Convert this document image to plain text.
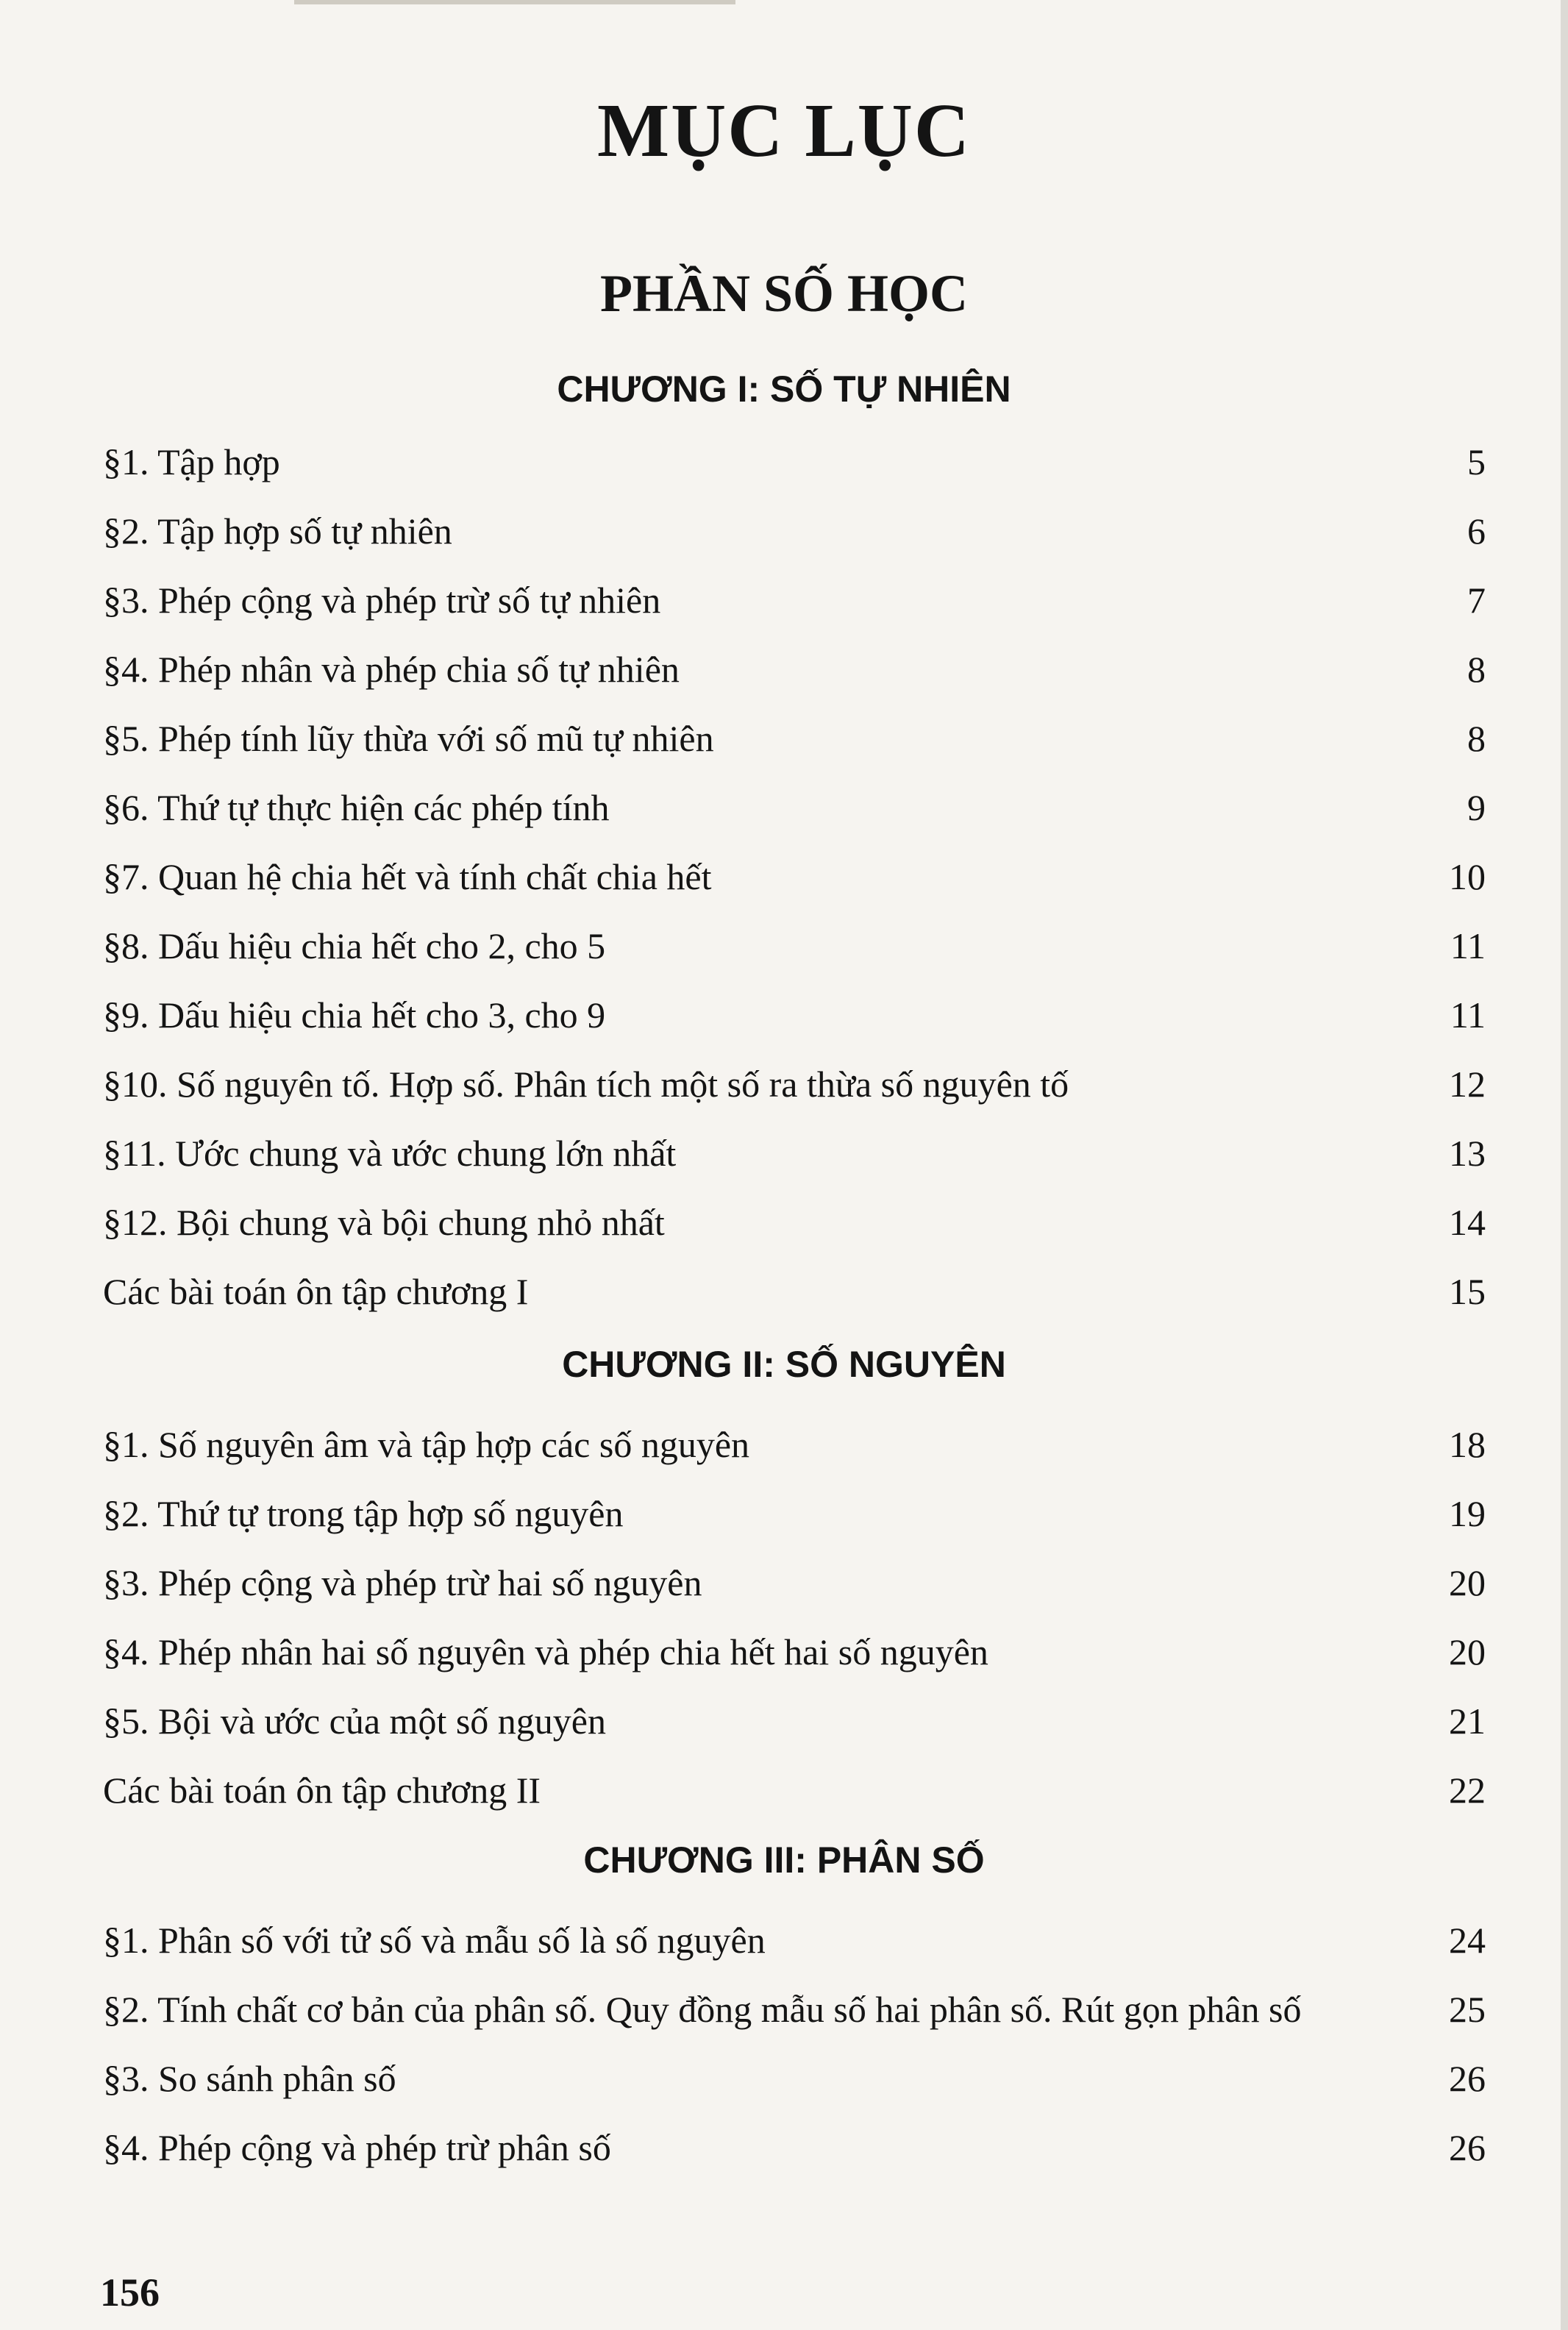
MỤC LỤC
PHẦN SỐ HỌC
CHƯƠNG I: SỐ TỰ NHIÊN
§1. Tập hợp	5
§2. Tập hợp số tự nhiên	6
§3. Phép cộng và phép trừ số tự nhiên	7
§4. Phép nhân và phép chia số tự nhiên	8
§5. Phép tính lũy thừa với số mũ tự nhiên	8
§6. Thứ tự thực hiện các phép tính	9
§7. Quan hệ chia hết và tính chất chia hết	10
§8. Dấu hiệu chia hết cho 2, cho 5	11
§9. Dấu hiệu chia hết cho 3, cho 9	11
§10. Số nguyên tố. Hợp số. Phân tích một số ra thừa số nguyên tố	12
§11. Ước chung và ước chung lớn nhất	13
§12. Bội chung và bội chung nhỏ nhất	14
Các bài toán ôn tập chương I	15
CHƯƠNG II: SỐ NGUYÊN
§1. Số nguyên âm và tập hợp các số nguyên	18
§2. Thứ tự trong tập hợp số nguyên	19
§3. Phép cộng và phép trừ hai số nguyên	20
§4. Phép nhân hai số nguyên và phép chia hết hai số nguyên	20
§5. Bội và ước của một số nguyên	21
Các bài toán ôn tập chương II	22
CHƯƠNG III: PHÂN SỐ
§1. Phân số với tử số và mẫu số là số nguyên	24
§2. Tính chất cơ bản của phân số. Quy đồng mẫu số hai phân số. Rút gọn phân số	25
§3. So sánh phân số	26
§4. Phép cộng và phép trừ phân số	26
156
